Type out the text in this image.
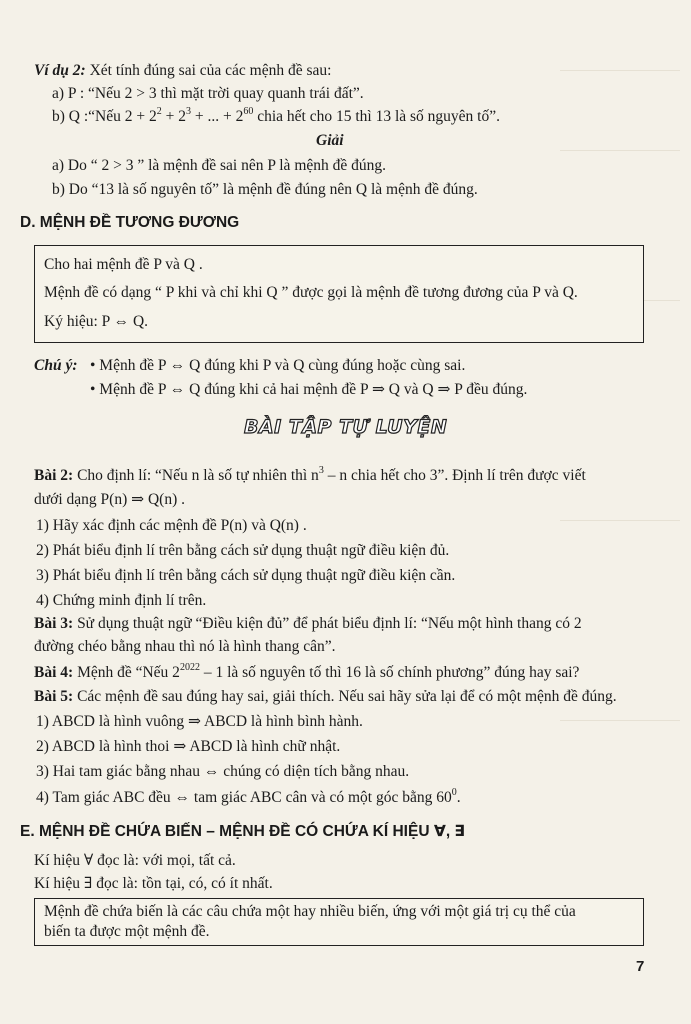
Ví dụ 2: Xét tính đúng sai của các mệnh đề sau:
a) P : “Nếu 2 > 3 thì mặt trời quay quanh trái đất”.
b) Q :“Nếu $2 + 2^2 + 2^3$ + ... + $2^{60}$ chia hết cho 15 thì 13 là số nguyên tố”.
Giải
a) Do “ 2 > 3 ” là mệnh đề sai nên P là mệnh đề đúng.
b) Do “13 là số nguyên tố” là mệnh đề đúng nên Q là mệnh đề đúng.
D. MỆNH ĐỀ TƯƠNG ĐƯƠNG
Cho hai mệnh đề P và Q .
Mệnh đề có dạng “ P khi và chỉ khi Q ” được gọi là mệnh đề tương đương của P và Q.
Ký hiệu: P ⇔ Q.
Chú ý: • Mệnh đề P ⇔ Q đúng khi P và Q cùng đúng hoặc cùng sai.
• Mệnh đề P ⇔ Q đúng khi cả hai mệnh đề P ⇒ Q và Q ⇒ P đều đúng.
BÀI TẬP TỰ LUYỆN
Bài 2: Cho định lí: “Nếu n là số tự nhiên thì $n^3$ – n chia hết cho 3”. Định lí trên được viết
dưới dạng P(n) ⇒ Q(n) .
1) Hãy xác định các mệnh đề P(n) và Q(n) .
2) Phát biểu định lí trên bằng cách sử dụng thuật ngữ điều kiện đủ.
3) Phát biểu định lí trên bằng cách sử dụng thuật ngữ điều kiện cần.
4) Chứng minh định lí trên.
Bài 3: Sử dụng thuật ngữ “Điều kiện đủ” để phát biểu định lí: “Nếu một hình thang có 2
đường chéo bằng nhau thì nó là hình thang cân”.
Bài 4: Mệnh đề “Nếu $2^{2022} - 1$ là số nguyên tố thì 16 là số chính phương” đúng hay sai?
Bài 5: Các mệnh đề sau đúng hay sai, giải thích. Nếu sai hãy sửa lại để có một mệnh đề đúng.
1) ABCD là hình vuông ⇒ ABCD là hình bình hành.
2) ABCD là hình thoi ⇒ ABCD là hình chữ nhật.
3) Hai tam giác bằng nhau ⇔ chúng có diện tích bằng nhau.
4) Tam giác ABC đều ⇔ tam giác ABC cân và có một góc bằng $60^0$.
E. MỆNH ĐỀ CHỨA BIẾN – MỆNH ĐỀ CÓ CHỨA KÍ HIỆU ∀, ∃
Kí hiệu ∀ đọc là: với mọi, tất cả.
Kí hiệu ∃ đọc là: tồn tại, có, có ít nhất.
Mệnh đề chứa biến là các câu chứa một hay nhiều biến, ứng với một giá trị cụ thể của
biến ta được một mệnh đề.
7
